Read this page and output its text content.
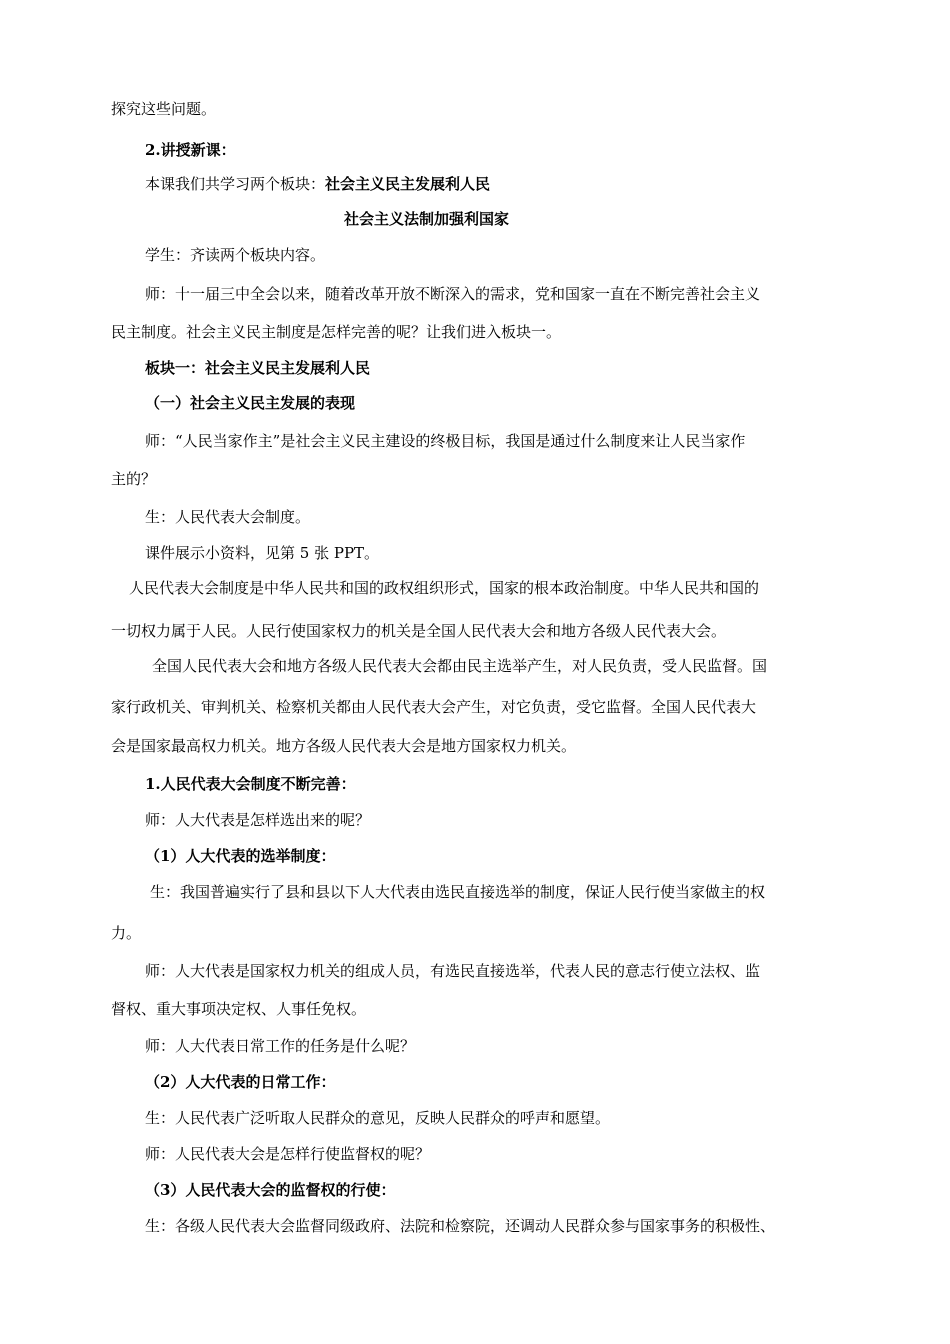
探究这些问题。
2.讲授新课：
本课我们共学习两个板块：社会主义民主发展利人民
社会主义法制加强利国家
学生：齐读两个板块内容。
师：十一届三中全会以来，随着改革开放不断深入的需求，党和国家一直在不断完善社会主义
民主制度。社会主义民主制度是怎样完善的呢？让我们进入板块一。
板块一：社会主义民主发展利人民
（一）社会主义民主发展的表现
师：“人民当家作主”是社会主义民主建设的终极目标，我国是通过什么制度来让人民当家作
主的？
生：人民代表大会制度。
课件展示小资料，见第 5 张 PPT。
人民代表大会制度是中华人民共和国的政权组织形式，国家的根本政治制度。中华人民共和国的
一切权力属于人民。人民行使国家权力的机关是全国人民代表大会和地方各级人民代表大会。
全国人民代表大会和地方各级人民代表大会都由民主选举产生，对人民负责，受人民监督。国
家行政机关、审判机关、检察机关都由人民代表大会产生，对它负责，受它监督。全国人民代表大
会是国家最高权力机关。地方各级人民代表大会是地方国家权力机关。
1.人民代表大会制度不断完善：
师：人大代表是怎样选出来的呢？
（1）人大代表的选举制度：
生：我国普遍实行了县和县以下人大代表由选民直接选举的制度，保证人民行使当家做主的权
力。
师：人大代表是国家权力机关的组成人员，有选民直接选举，代表人民的意志行使立法权、监
督权、重大事项决定权、人事任免权。
师：人大代表日常工作的任务是什么呢？
（2）人大代表的日常工作：
生：人民代表广泛听取人民群众的意见，反映人民群众的呼声和愿望。
师：人民代表大会是怎样行使监督权的呢？
（3）人民代表大会的监督权的行使：
生：各级人民代表大会监督同级政府、法院和检察院，还调动人民群众参与国家事务的积极性、
